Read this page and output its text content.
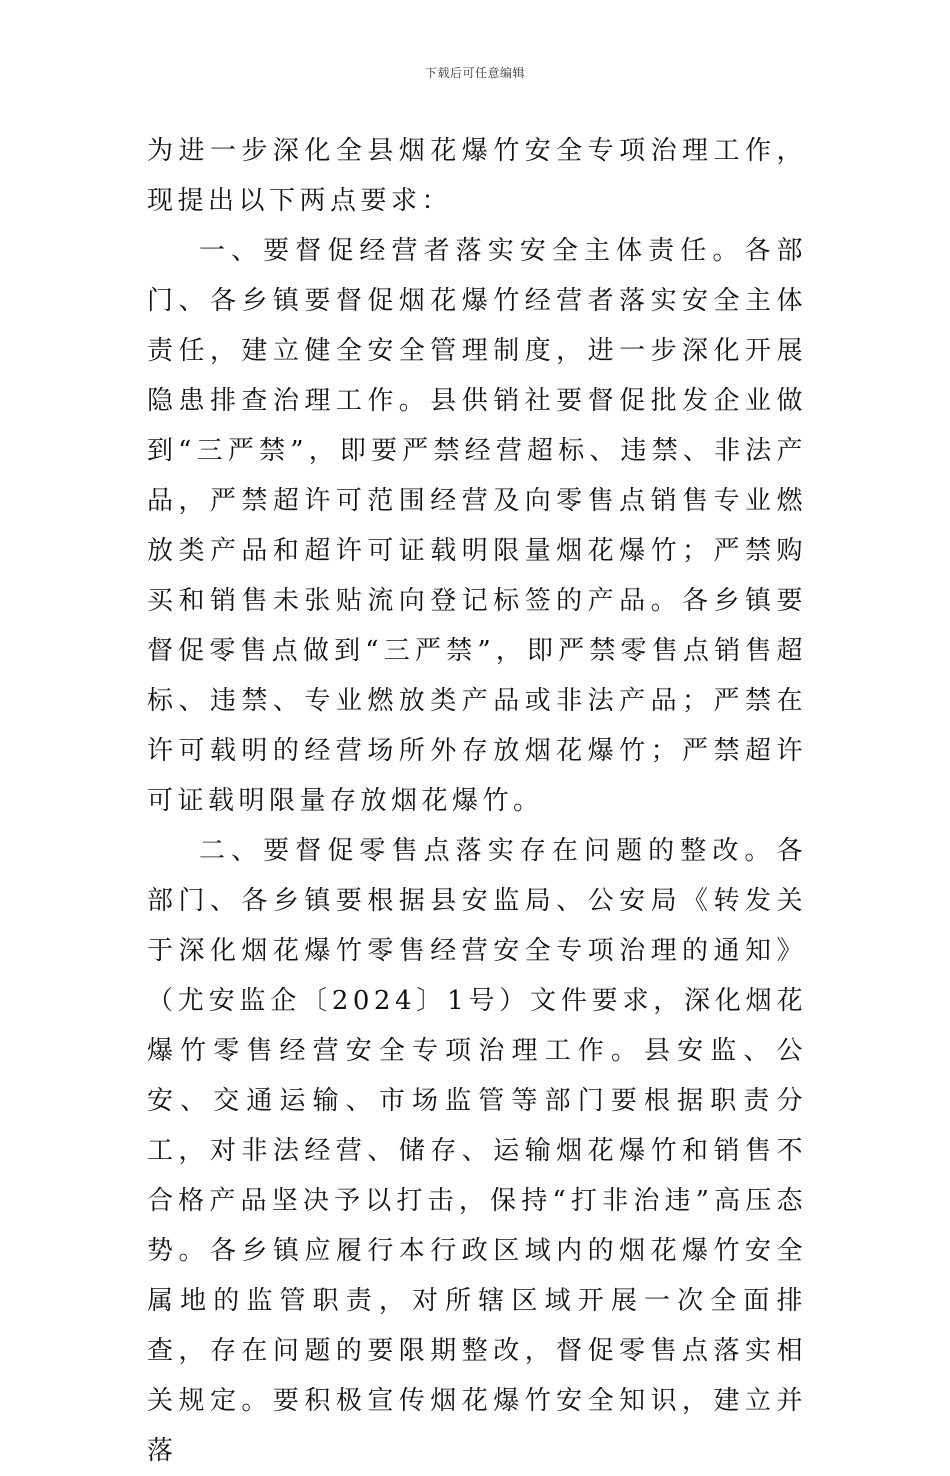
下载后可任意编辑

为进一步深化全县烟花爆竹安全专项治理工作，现提出以下两点要求：

一、要督促经营者落实安全主体责任。各部门、各乡镇要督促烟花爆竹经营者落实安全主体责任，建立健全安全管理制度，进一步深化开展隐患排查治理工作。县供销社要督促批发企业做到“三严禁”，即要严禁经营超标、违禁、非法产品，严禁超许可范围经营及向零售点销售专业燃放类产品和超许可证载明限量烟花爆竹；严禁购买和销售未张贴流向登记标签的产品。各乡镇要督促零售点做到“三严禁”，即严禁零售点销售超标、违禁、专业燃放类产品或非法产品；严禁在许可载明的经营场所外存放烟花爆竹；严禁超许可证载明限量存放烟花爆竹。

二、要督促零售点落实存在问题的整改。各部门、各乡镇要根据县安监局、公安局《转发关于深化烟花爆竹零售经营安全专项治理的通知》（尤安监企〔2024〕1号）文件要求，深化烟花爆竹零售经营安全专项治理工作。县安监、公安、交通运输、市场监管等部门要根据职责分工，对非法经营、储存、运输烟花爆竹和销售不合格产品坚决予以打击，保持“打非治违”高压态势。各乡镇应履行本行政区域内的烟花爆竹安全属地的监管职责，对所辖区域开展一次全面排查，存在问题的要限期整改，督促零售点落实相关规定。要积极宣传烟花爆竹安全知识，建立并落
